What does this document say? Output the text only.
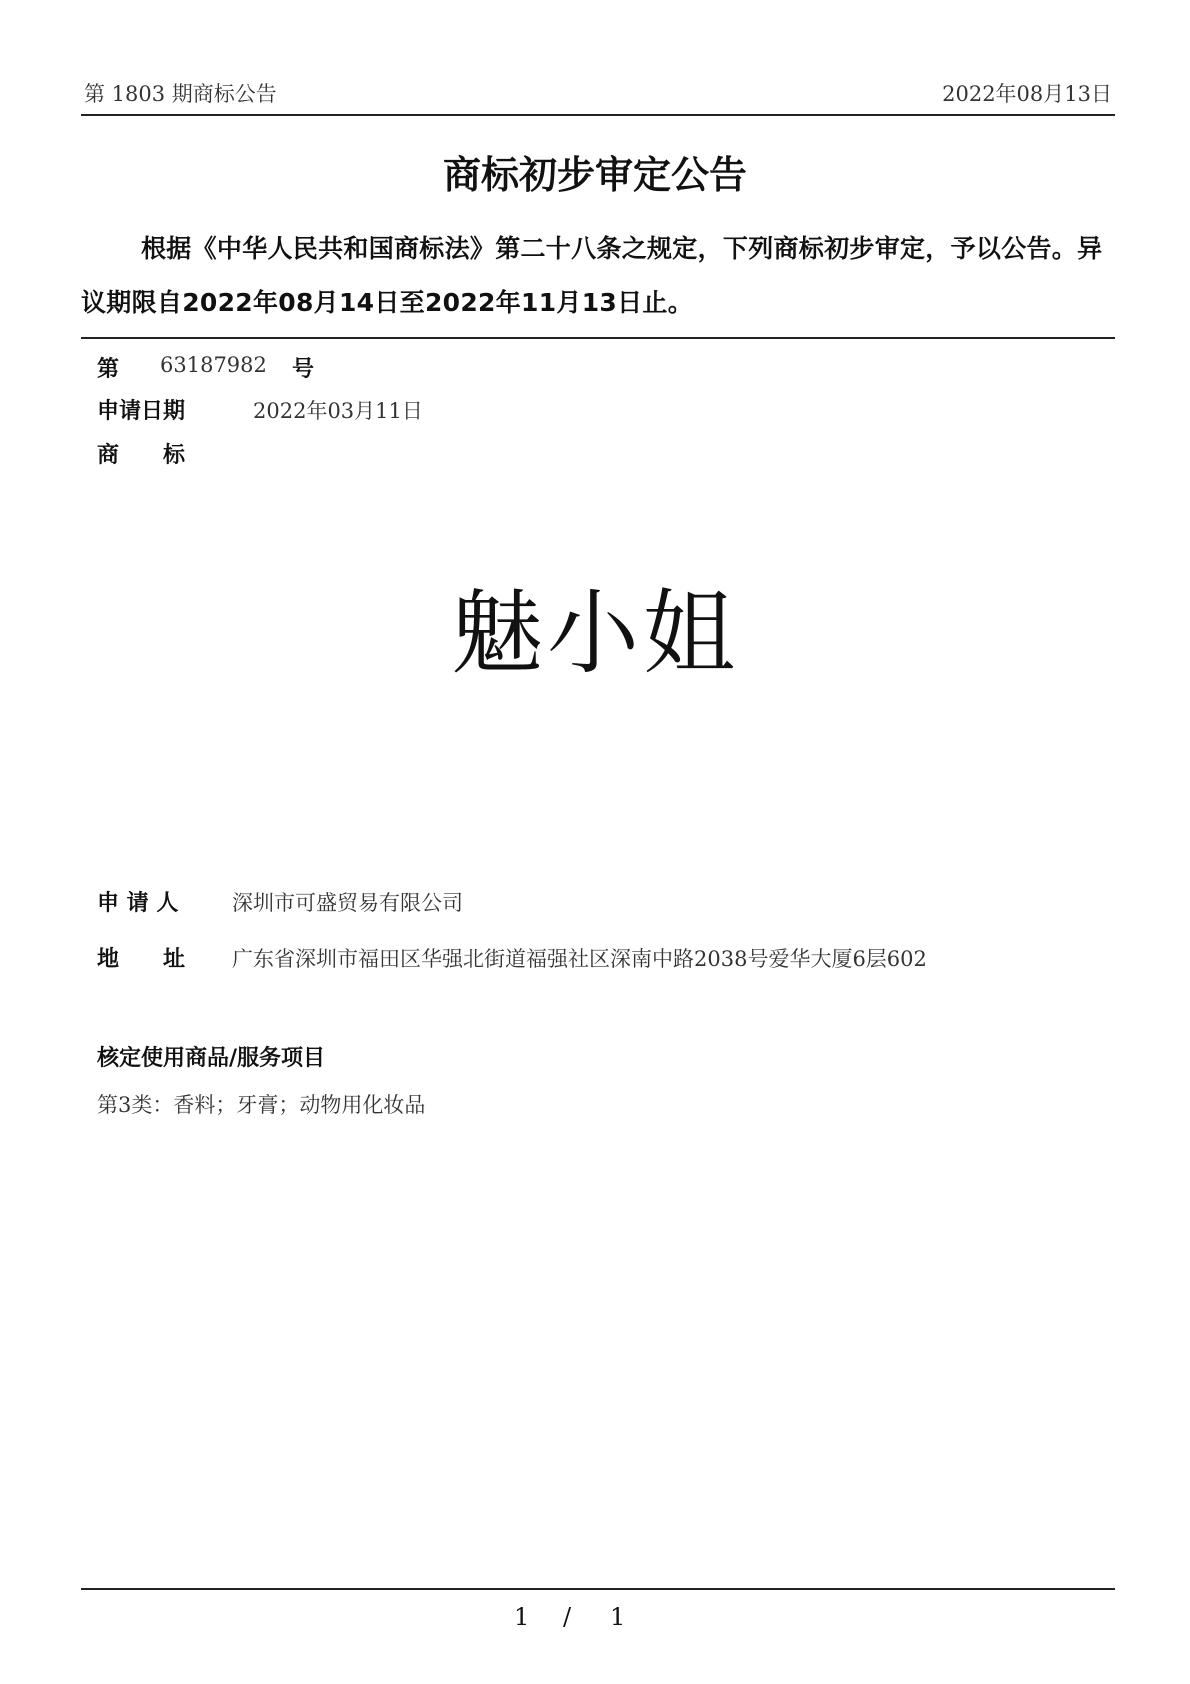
第 1803 期商标公告	2022年08月13日
商标初步审定公告
根据《中华人民共和国商标法》第二十八条之规定，下列商标初步审定，予以公告。异议期限自2022年08月14日至2022年11月13日止。
第 63187982 号
申请日期	2022年03月11日
商　　标
魅小姐
申 请 人	深圳市可盛贸易有限公司
地　　址 广东省深圳市福田区华强北街道福强社区深南中路2038号爱华大厦6层602
核定使用商品/服务项目
第3类：香料；牙膏；动物用化妆品
1 / 1
